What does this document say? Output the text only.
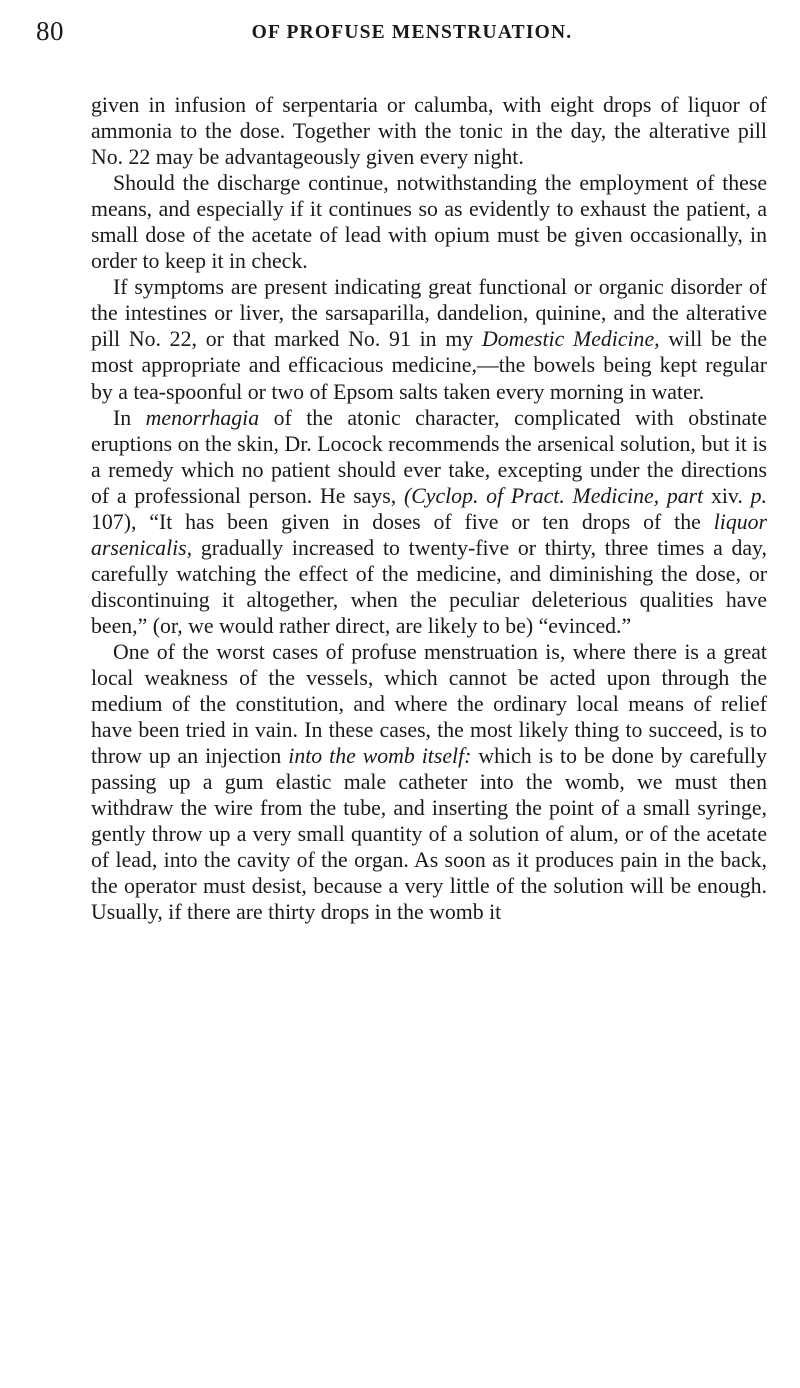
80	OF PROFUSE MENSTRUATION.

given in infusion of serpentaria or calumba, with eight drops of liquor of ammonia to the dose. Together with the tonic in the day, the alterative pill No. 22 may be advantageously given every night.

Should the discharge continue, notwithstanding the employment of these means, and especially if it continues so as evidently to exhaust the patient, a small dose of the acetate of lead with opium must be given occasionally, in order to keep it in check.

If symptoms are present indicating great functional or organic disorder of the intestines or liver, the sarsaparilla, dandelion, quinine, and the alterative pill No. 22, or that marked No. 91 in my Domestic Medicine, will be the most appropriate and efficacious medicine,—the bowels being kept regular by a tea-spoonful or two of Epsom salts taken every morning in water.

In menorrhagia of the atonic character, complicated with obstinate eruptions on the skin, Dr. Locock recommends the arsenical solution, but it is a remedy which no patient should ever take, excepting under the directions of a professional person. He says, (Cyclop. of Pract. Medicine, part xiv. p. 107), “It has been given in doses of five or ten drops of the liquor arsenicalis, gradually increased to twenty-five or thirty, three times a day, carefully watching the effect of the medicine, and diminishing the dose, or discontinuing it altogether, when the peculiar deleterious qualities have been,” (or, we would rather direct, are likely to be) “evinced.”

One of the worst cases of profuse menstruation is, where there is a great local weakness of the vessels, which cannot be acted upon through the medium of the constitution, and where the ordinary local means of relief have been tried in vain. In these cases, the most likely thing to succeed, is to throw up an injection into the womb itself: which is to be done by carefully passing up a gum elastic male catheter into the womb, we must then withdraw the wire from the tube, and inserting the point of a small syringe, gently throw up a very small quantity of a solution of alum, or of the acetate of lead, into the cavity of the organ. As soon as it produces pain in the back, the operator must desist, because a very little of the solution will be enough. Usually, if there are thirty drops in the womb it
